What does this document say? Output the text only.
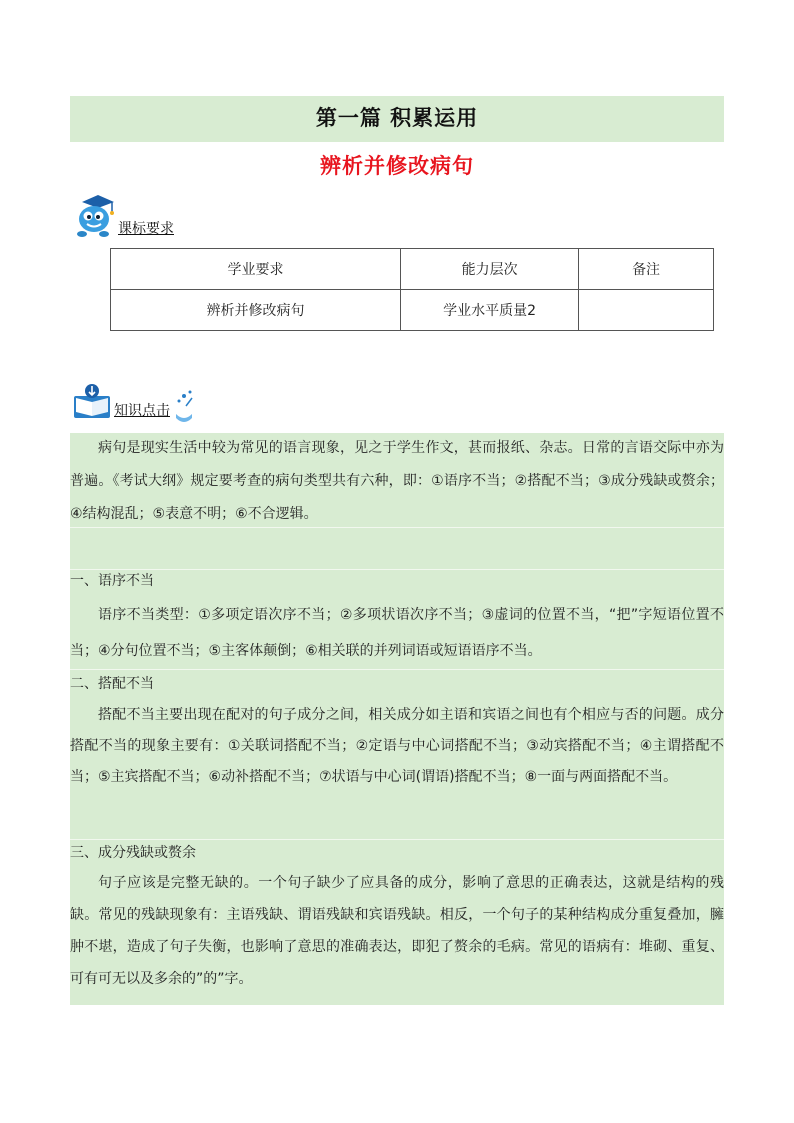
第一篇 积累运用
辨析并修改病句
课标要求
学业要求	能力层次	备注
辨析并修改病句	学业水平质量2	
知识点击

病句是现实生活中较为常见的语言现象，见之于学生作文，甚而报纸、杂志。日常的言语交际中亦为普遍。《考试大纲》规定要考查的病句类型共有六种，即：①语序不当；②搭配不当；③成分残缺或赘余；④结构混乱；⑤表意不明；⑥不合逻辑。

一、语序不当

语序不当类型：①多项定语次序不当；②多项状语次序不当；③虚词的位置不当，“把”字短语位置不当；④分句位置不当；⑤主客体颠倒；⑥相关联的并列词语或短语语序不当。

二、搭配不当

搭配不当主要出现在配对的句子成分之间，相关成分如主语和宾语之间也有个相应与否的问题。成分搭配不当的现象主要有：①关联词搭配不当；②定语与中心词搭配不当；③动宾搭配不当；④主谓搭配不当；⑤主宾搭配不当；⑥动补搭配不当；⑦状语与中心词(谓语)搭配不当；⑧一面与两面搭配不当。

三、成分残缺或赘余

句子应该是完整无缺的。一个句子缺少了应具备的成分，影响了意思的正确表达，这就是结构的残缺。常见的残缺现象有：主语残缺、谓语残缺和宾语残缺。相反，一个句子的某种结构成分重复叠加，臃肿不堪，造成了句子失衡，也影响了意思的准确表达，即犯了赘余的毛病。常见的语病有：堆砌、重复、可有可无以及多余的”的”字。
